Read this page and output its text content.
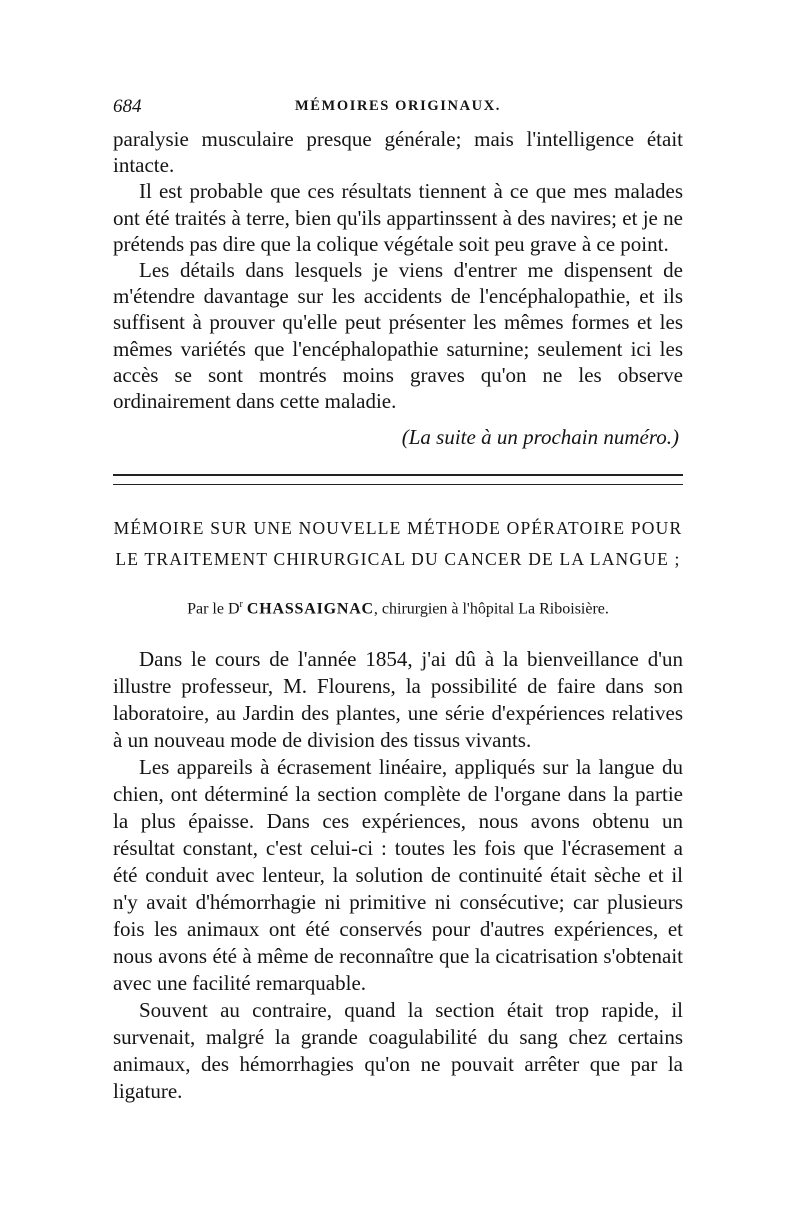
684	MÉMOIRES ORIGINAUX.

paralysie musculaire presque générale; mais l'intelligence était intacte.

Il est probable que ces résultats tiennent à ce que mes malades ont été traités à terre, bien qu'ils appartinssent à des navires; et je ne prétends pas dire que la colique végétale soit peu grave à ce point.

Les détails dans lesquels je viens d'entrer me dispensent de m'étendre davantage sur les accidents de l'encéphalopathie, et ils suffisent à prouver qu'elle peut présenter les mêmes formes et les mêmes variétés que l'encéphalopathie saturnine; seulement ici les accès se sont montrés moins graves qu'on ne les observe ordinairement dans cette maladie.

(La suite à un prochain numéro.)

MÉMOIRE SUR UNE NOUVELLE MÉTHODE OPÉRATOIRE POUR
LE TRAITEMENT CHIRURGICAL DU CANCER DE LA LANGUE ;
Par le $D^r$ CHASSAIGNAC, chirurgien à l'hôpital La Riboisière.

Dans le cours de l'année 1854, j'ai dû à la bienveillance d'un illustre professeur, M. Flourens, la possibilité de faire dans son laboratoire, au Jardin des plantes, une série d'expériences relatives à un nouveau mode de division des tissus vivants.

Les appareils à écrasement linéaire, appliqués sur la langue du chien, ont déterminé la section complète de l'organe dans la partie la plus épaisse. Dans ces expériences, nous avons obtenu un résultat constant, c'est celui-ci : toutes les fois que l'écrasement a été conduit avec lenteur, la solution de continuité était sèche et il n'y avait d'hémorrhagie ni primitive ni consécutive; car plusieurs fois les animaux ont été conservés pour d'autres expériences, et nous avons été à même de reconnaître que la cicatrisation s'obtenait avec une facilité remarquable.

Souvent au contraire, quand la section était trop rapide, il survenait, malgré la grande coagulabilité du sang chez certains animaux, des hémorrhagies qu'on ne pouvait arrêter que par la ligature.
